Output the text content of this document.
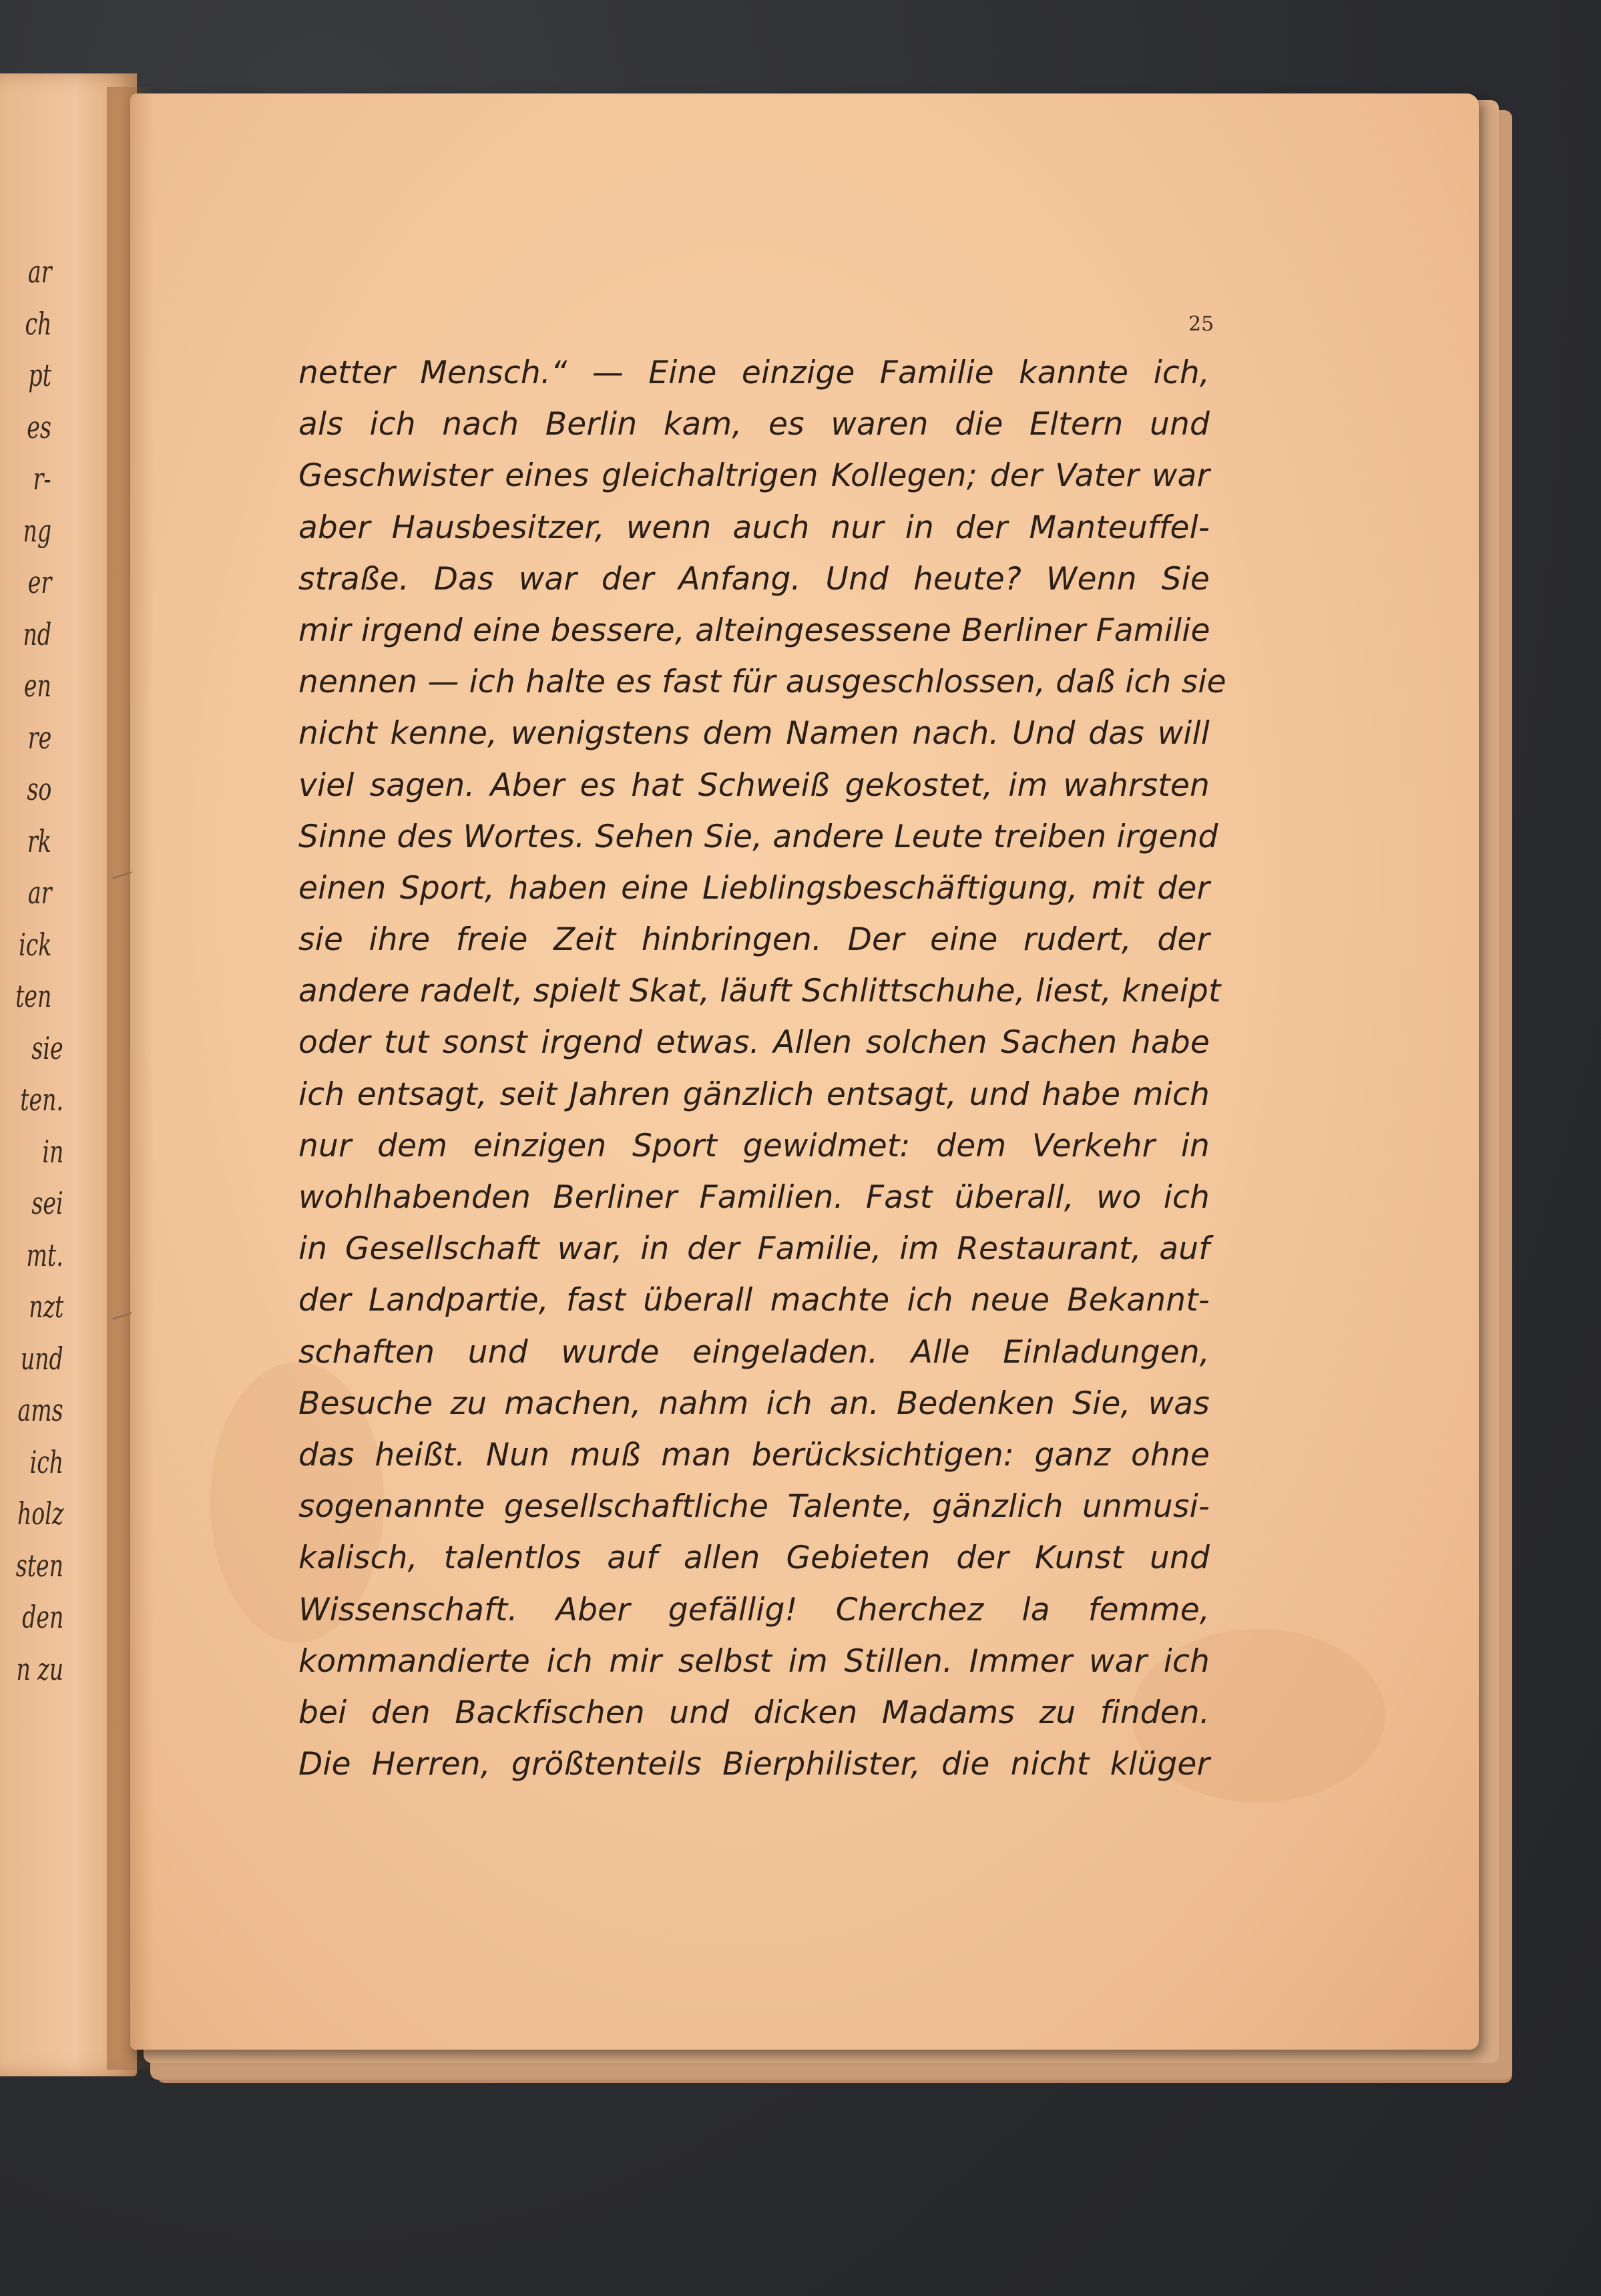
ar
ch
pt
es
r-
ng
er
nd
en
re
so
rk
ar
ick
ten
sie
ten.
in
sei
mt.
nzt
und
ams
ich
holz
sten
den
n zu
25
netter Mensch.“ — Eine einzige Familie kannte ich,
als ich nach Berlin kam, es waren die Eltern und
Geschwister eines gleichaltrigen Kollegen; der Vater war
aber Hausbesitzer, wenn auch nur in der Manteuffel-
straße. Das war der Anfang. Und heute? Wenn Sie
mir irgend eine bessere, alteingesessene Berliner Familie
nennen — ich halte es fast für ausgeschlossen, daß ich sie
nicht kenne, wenigstens dem Namen nach. Und das will
viel sagen. Aber es hat Schweiß gekostet, im wahrsten
Sinne des Wortes. Sehen Sie, andere Leute treiben irgend
einen Sport, haben eine Lieblingsbeschäftigung, mit der
sie ihre freie Zeit hinbringen. Der eine rudert, der
andere radelt, spielt Skat, läuft Schlittschuhe, liest, kneipt
oder tut sonst irgend etwas. Allen solchen Sachen habe
ich entsagt, seit Jahren gänzlich entsagt, und habe mich
nur dem einzigen Sport gewidmet: dem Verkehr in
wohlhabenden Berliner Familien. Fast überall, wo ich
in Gesellschaft war, in der Familie, im Restaurant, auf
der Landpartie, fast überall machte ich neue Bekannt-
schaften und wurde eingeladen. Alle Einladungen,
Besuche zu machen, nahm ich an. Bedenken Sie, was
das heißt. Nun muß man berücksichtigen: ganz ohne
sogenannte gesellschaftliche Talente, gänzlich unmusi-
kalisch, talentlos auf allen Gebieten der Kunst und
Wissenschaft. Aber gefällig! Cherchez la femme,
kommandierte ich mir selbst im Stillen. Immer war ich
bei den Backfischen und dicken Madams zu finden.
Die Herren, größtenteils Bierphilister, die nicht klüger
